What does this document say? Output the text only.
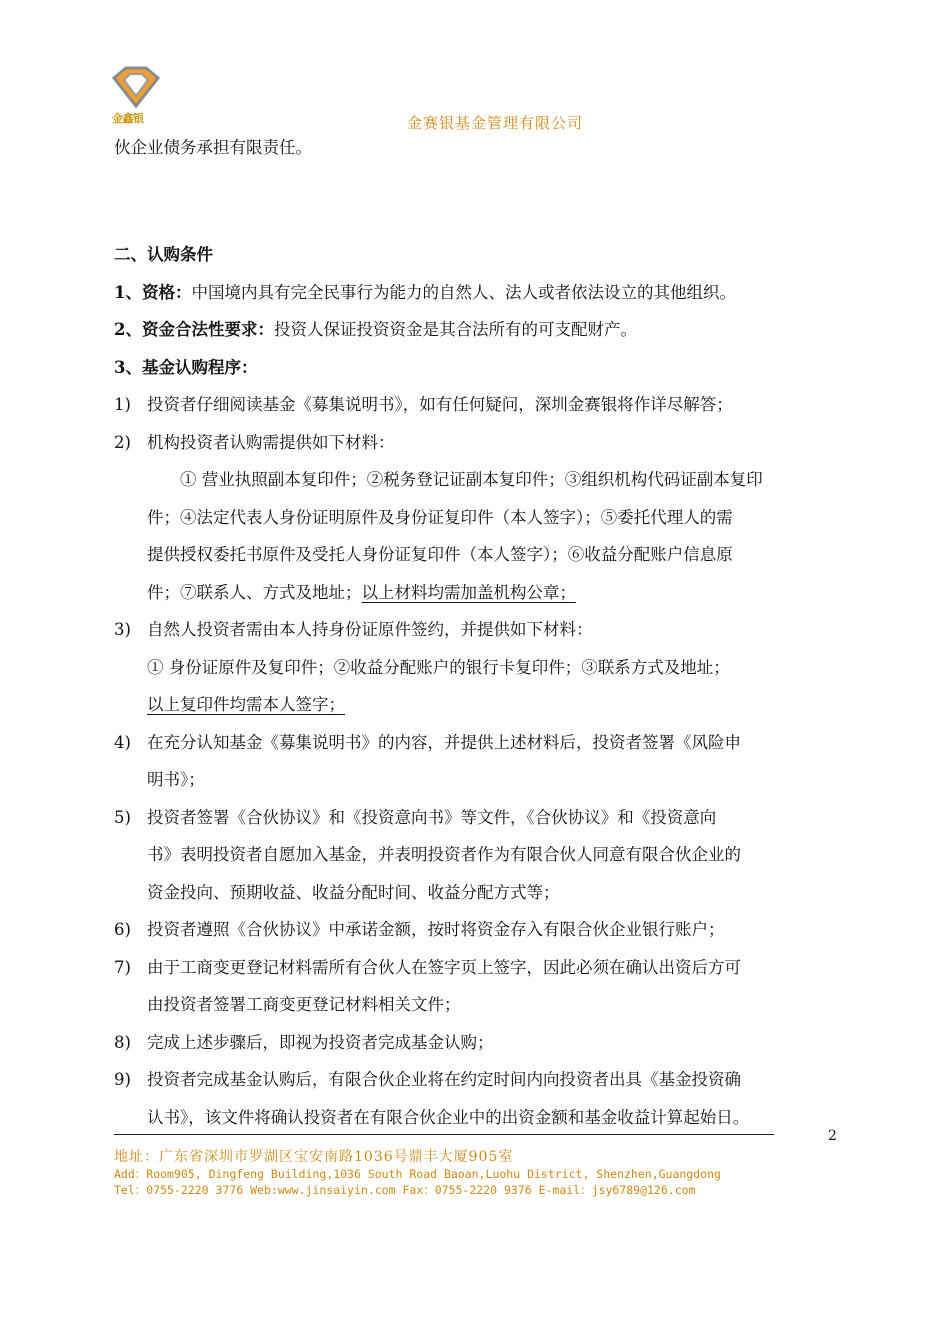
金鑫银	金赛银基金管理有限公司
伙企业债务承担有限责任。
二、认购条件
1、资格：中国境内具有完全民事行为能力的自然人、法人或者依法设立的其他组织。
2、资金合法性要求：投资人保证投资资金是其合法所有的可支配财产。
3、基金认购程序：
1) 投资者仔细阅读基金《募集说明书》，如有任何疑问，深圳金赛银将作详尽解答；
2) 机构投资者认购需提供如下材料：
① 营业执照副本复印件；②税务登记证副本复印件；③组织机构代码证副本复印
件；④法定代表人身份证明原件及身份证复印件（本人签字）；⑤委托代理人的需
提供授权委托书原件及受托人身份证复印件（本人签字）；⑥收益分配账户信息原
件；⑦联系人、方式及地址；以上材料均需加盖机构公章；
3) 自然人投资者需由本人持身份证原件签约，并提供如下材料：
① 身份证原件及复印件；②收益分配账户的银行卡复印件；③联系方式及地址；
以上复印件均需本人签字；
4) 在充分认知基金《募集说明书》的内容，并提供上述材料后，投资者签署《风险申
明书》；
5) 投资者签署《合伙协议》和《投资意向书》等文件，《合伙协议》和《投资意向
书》表明投资者自愿加入基金，并表明投资者作为有限合伙人同意有限合伙企业的
资金投向、预期收益、收益分配时间、收益分配方式等；
6) 投资者遵照《合伙协议》中承诺金额，按时将资金存入有限合伙企业银行账户；
7) 由于工商变更登记材料需所有合伙人在签字页上签字，因此必须在确认出资后方可
由投资者签署工商变更登记材料相关文件；
8) 完成上述步骤后，即视为投资者完成基金认购；
9) 投资者完成基金认购后，有限合伙企业将在约定时间内向投资者出具《基金投资确
认书》，该文件将确认投资者在有限合伙企业中的出资金额和基金收益计算起始日。
2
地址：广东省深圳市罗湖区宝安南路1036号鼎丰大厦905室
Add：Room905, Dingfeng Building,1036 South Road Baoan,Luohu District, Shenzhen,Guangdong
Tel：0755-2220 3776 Web:www.jinsaiyin.com Fax：0755-2220 9376 E-mail：jsy6789@126.com
